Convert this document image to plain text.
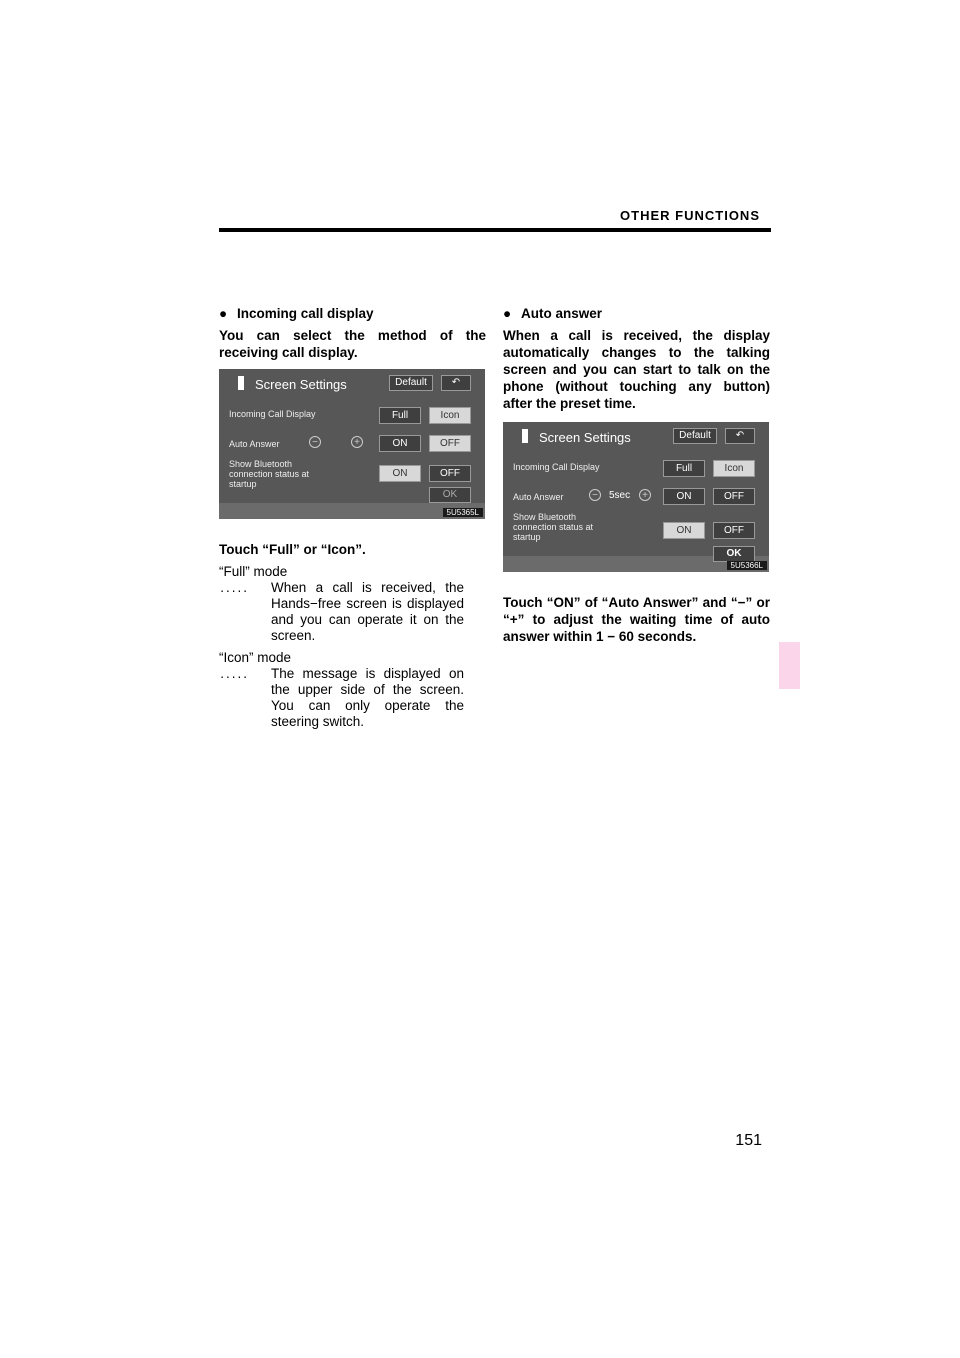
OTHER FUNCTIONS

● Incoming call display

You can select the method of the receiving call display.

Screen Settings	Default	↶
Incoming Call Display	Full	Icon
Auto Answer	−	+	ON	OFF
Show Bluetooth connection status at startup
ON	OFF
OK
5U5365L

Touch “Full” or “Icon”.

“Full” mode

.....	When a call is received, the Hands−free screen is displayed and you can operate it on the screen.

“Icon” mode

.....	The message is displayed on the upper side of the screen. You can only operate the steering switch.

● Auto answer

When a call is received, the display automatically changes to the talking screen and you can start to talk on the phone (without touching any button) after the preset time.

Screen Settings	Default	↶
Incoming Call Display	Full	Icon
Auto Answer	−	5sec	+	ON	OFF
Show Bluetooth connection status at startup
ON	OFF
OK
5U5366L

Touch “ON” of “Auto Answer” and “−” or “+” to adjust the waiting time of auto answer within 1 − 60 seconds.

151
